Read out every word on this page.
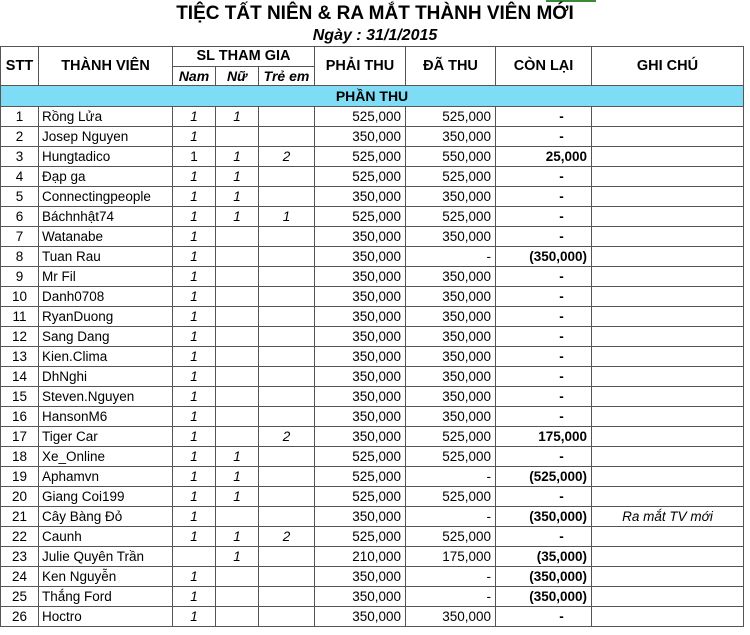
TIỆC TẤT NIÊN & RA MẮT THÀNH VIÊN MỚI
Ngày : 31/1/2015
STT	THÀNH VIÊN	SL THAM GIA			PHẢI THU	ĐÃ THU	CÒN LẠI	GHI CHÚ
		Nam	Nữ	Trẻ em				
PHẦN THU								
1	Rồng Lửa	1	1		525,000	525,000	-	
2	Josep Nguyen	1			350,000	350,000	-	
3	Hungtadico	1	1	2	525,000	550,000	25,000	
4	Đạp ga	1	1		525,000	525,000	-	
5	Connectingpeople	1	1		350,000	350,000	-	
6	Báchnhật74	1	1	1	525,000	525,000	-	
7	Watanabe	1			350,000	350,000	-	
8	Tuan Rau	1			350,000	-	(350,000)	
9	Mr Fil	1			350,000	350,000	-	
10	Danh0708	1			350,000	350,000	-	
11	RyanDuong	1			350,000	350,000	-	
12	Sang Dang	1			350,000	350,000	-	
13	Kien.Clima	1			350,000	350,000	-	
14	DhNghi	1			350,000	350,000	-	
15	Steven.Nguyen	1			350,000	350,000	-	
16	HansonM6	1			350,000	350,000	-	
17	Tiger Car	1		2	350,000	525,000	175,000	
18	Xe_Online	1	1		525,000	525,000	-	
19	Aphamvn	1	1		525,000	-	(525,000)	
20	Giang Coi199	1	1		525,000	525,000	-	
21	Cây Bàng Đỏ	1			350,000	-	(350,000)	Ra mắt TV mới
22	Caunh	1	1	2	525,000	525,000	-	
23	Julie Quyên Trần		1		210,000	175,000	(35,000)	
24	Ken Nguyễn	1			350,000	-	(350,000)	
25	Thắng Ford	1			350,000	-	(350,000)	
26	Hoctro	1			350,000	350,000	-	
